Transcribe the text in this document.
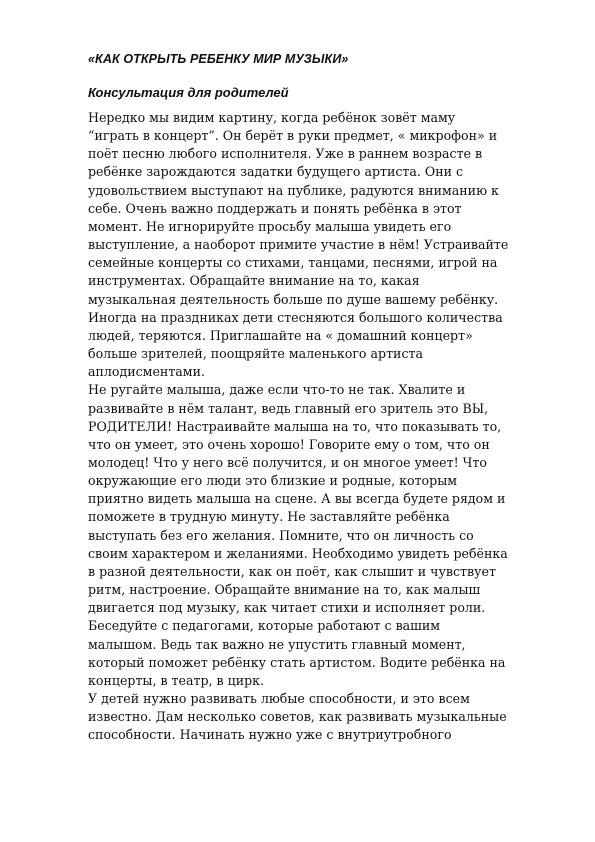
«КАК ОТКРЫТЬ РЕБЕНКУ МИР МУЗЫКИ»
Консультация для родителей

Нередко мы видим картину, когда ребёнок зовёт маму
“играть в концерт”. Он берёт в руки предмет, « микрофон» и
поёт песню любого исполнителя. Уже в раннем возрасте в
ребёнке зарождаются задатки будущего артиста. Они с
удовольствием выступают на публике, радуются вниманию к
себе. Очень важно поддержать и понять ребёнка в этот
момент. Не игнорируйте просьбу малыша увидеть его
выступление, а наоборот примите участие в нём! Устраивайте
семейные концерты со стихами, танцами, песнями, игрой на
инструментах. Обращайте внимание на то, какая
музыкальная деятельность больше по душе вашему ребёнку.
Иногда на праздниках дети стесняются большого количества
людей, теряются. Приглашайте на « домашний концерт»
больше зрителей, поощряйте маленького артиста
аплодисментами.

Не ругайте малыша, даже если что-то не так. Хвалите и
развивайте в нём талант, ведь главный его зритель это ВЫ,
РОДИТЕЛИ! Настраивайте малыша на то, что показывать то,
что он умеет, это очень хорошо! Говорите ему о том, что он
молодец! Что у него всё получится, и он многое умеет! Что
окружающие его люди это близкие и родные, которым
приятно видеть малыша на сцене. А вы всегда будете рядом и
поможете в трудную минуту. Не заставляйте ребёнка
выступать без его желания. Помните, что он личность со
своим характером и желаниями. Необходимо увидеть ребёнка
в разной деятельности, как он поёт, как слышит и чувствует
ритм, настроение. Обращайте внимание на то, как малыш
двигается под музыку, как читает стихи и исполняет роли.
Беседуйте с педагогами, которые работают с вашим
малышом. Ведь так важно не упустить главный момент,
который поможет ребёнку стать артистом. Водите ребёнка на
концерты, в театр, в цирк.

У детей нужно развивать любые способности, и это всем
известно. Дам несколько советов, как развивать музыкальные
способности. Начинать нужно уже с внутриутробного
